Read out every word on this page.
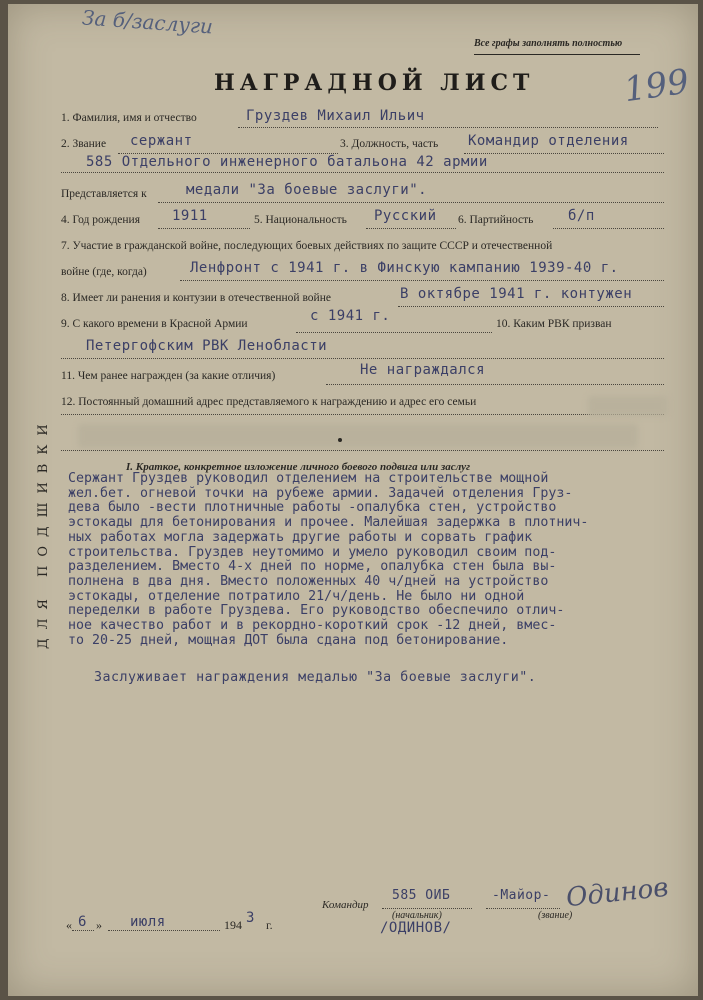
За б/заслуги
Все графы заполнять полностью
199
НАГРАДНОЙ ЛИСТ
ДЛЯ ПОДШИВКИ
1. Фамилия, имя и отчество	Груздев Михаил Ильич
2. Звание сержант	3. Должность, часть Командир отделения
585 Отдельного инженерного батальона 42 армии
Представляется к	медали "За боевые заслуги".
4. Год рождения 1911	5. Национальность Русский 6. Партийность б/п
7. Участие в гражданской войне, последующих боевых действиях по защите СССР и отечественной
войне (где, когда)	Ленфронт с 1941 г. в Финскую кампанию 1939-40 г.
8. Имеет ли ранения и контузии в отечественной войне	В октябре 1941 г. контужен
9. С какого времени в Красной Армии	с 1941 г.	10. Каким РВК призван
Петергофским РВК Ленобласти
11. Чем ранее награжден (за какие отличия)	Не награждался
12. Постоянный домашний адрес представляемого к награждению и адрес его семьи
I. Краткое, конкретное изложение личного боевого подвига или заслуг
Сержант Груздев руководил отделением на строительстве мощной
жел.бет. огневой точки на рубеже армии. Задачей отделения Груз-
дева было -вести плотничные работы -опалубка стен, устройство
эстокады для бетонирования и прочее. Малейшая задержка в плотнич-
ных работах могла задержать другие работы и сорвать график
строительства. Груздев неутомимо и умело руководил своим под-
разделением. Вместо 4-х дней по норме, опалубка стен была вы-
полнена в два дня. Вместо положенных 40 ч/дней на устройство
эстокады, отделение потратило 21/ч/день. Не было ни одной
переделки в работе Груздева. Его руководство обеспечило отлич-
ное качество работ и в рекордно-короткий срок -12 дней, вмес-
то 20-25 дней, мощная ДОТ была сдана под бетонирование.
Заслуживает награждения медалью "За боевые заслуги".
Командир
585 ОИБ
(начальник)
-Майор-
(звание)
Одинов
/ОДИНОВ/
« 6 » июля	194 3 г.
